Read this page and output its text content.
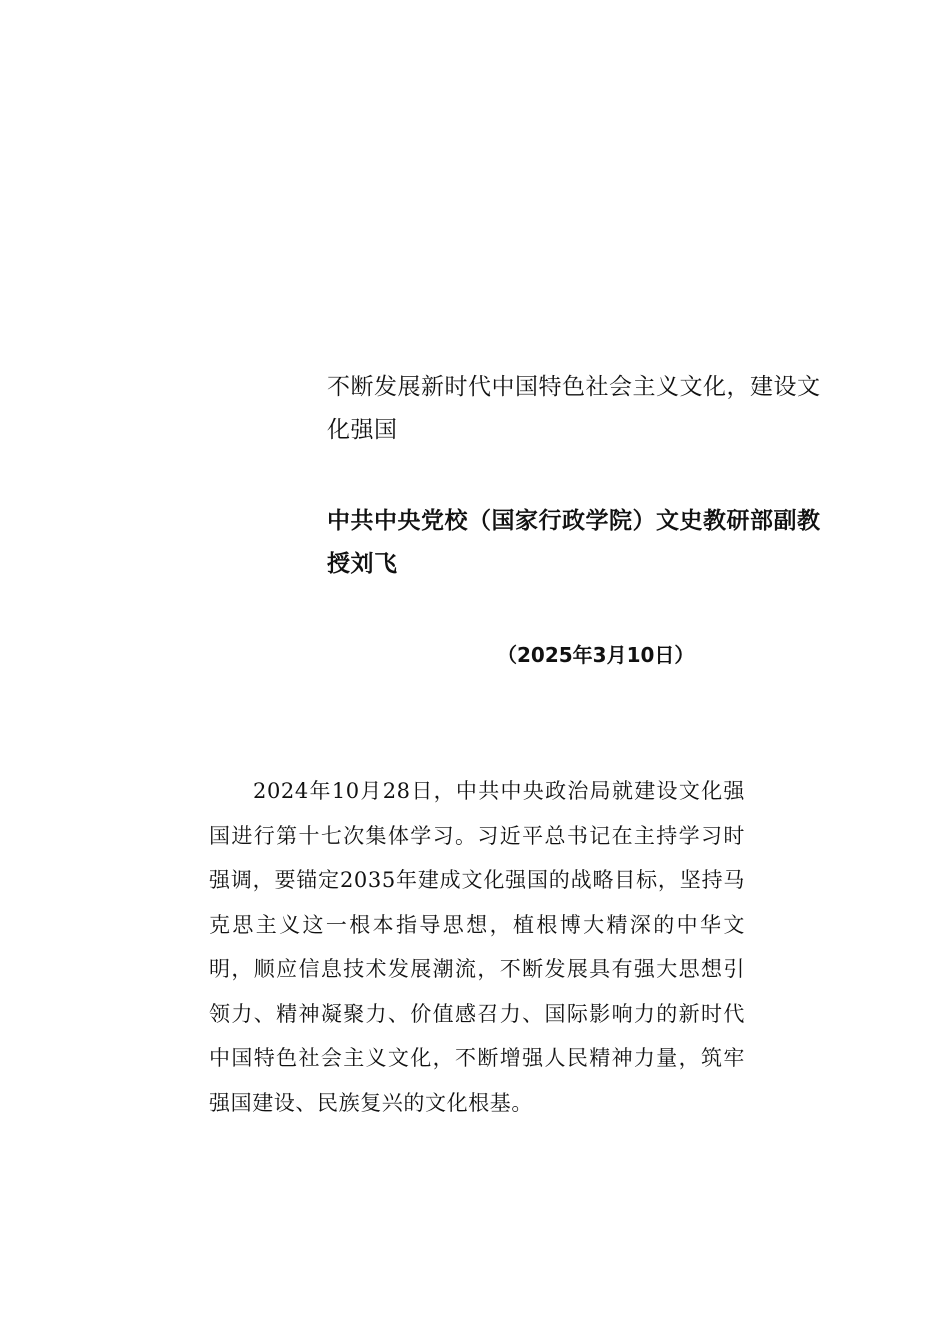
不断发展新时代中国特色社会主义文化，建设文化强国

中共中央党校（国家行政学院）文史教研部副教授刘飞

（2025年3月10日）

2024年10月28日，中共中央政治局就建设文化强国进行第十七次集体学习。习近平总书记在主持学习时强调，要锚定2035年建成文化强国的战略目标，坚持马克思主义这一根本指导思想，植根博大精深的中华文明，顺应信息技术发展潮流，不断发展具有强大思想引领力、精神凝聚力、价值感召力、国际影响力的新时代中国特色社会主义文化，不断增强人民精神力量，筑牢强国建设、民族复兴的文化根基。
